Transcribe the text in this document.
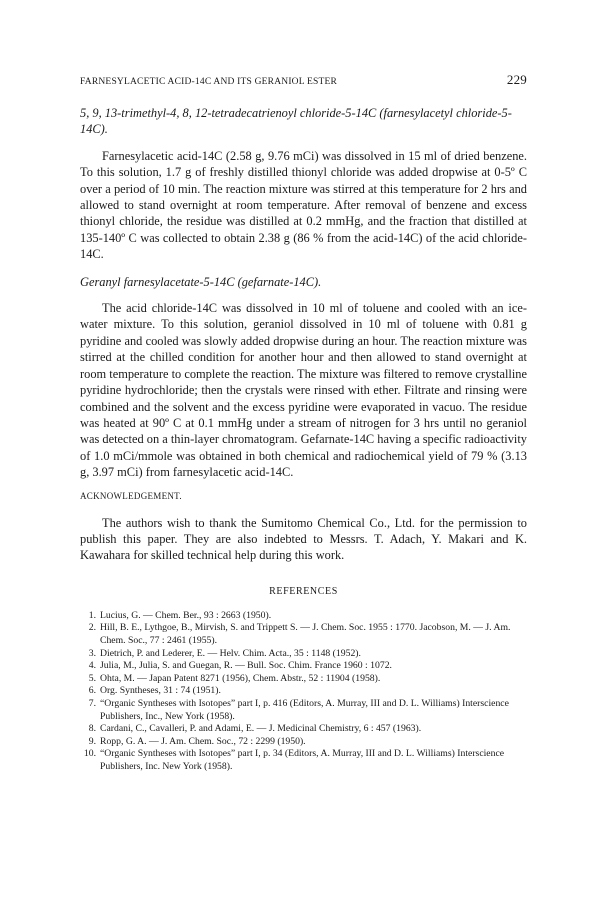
FARNESYLACETIC ACID-14C AND ITS GERANIOL ESTER	229

5, 9, 13-trimethyl-4, 8, 12-tetradecatrienoyl chloride-5-14C (farnesylacetyl chloride-5-14C).

Farnesylacetic acid-14C (2.58 g, 9.76 mCi) was dissolved in 15 ml of dried benzene. To this solution, 1.7 g of freshly distilled thionyl chloride was added dropwise at 0-5º C over a period of 10 min. The reaction mixture was stirred at this temperature for 2 hrs and allowed to stand overnight at room temperature. After removal of benzene and excess thionyl chloride, the residue was distilled at 0.2 mmHg, and the fraction that distilled at 135-140º C was collected to obtain 2.38 g (86 % from the acid-14C) of the acid chloride-14C.

Geranyl farnesylacetate-5-14C (gefarnate-14C).

The acid chloride-14C was dissolved in 10 ml of toluene and cooled with an ice-water mixture. To this solution, geraniol dissolved in 10 ml of toluene with 0.81 g pyridine and cooled was slowly added dropwise during an hour. The reaction mixture was stirred at the chilled condition for another hour and then allowed to stand overnight at room temperature to complete the reaction. The mixture was filtered to remove crystalline pyridine hydrochloride; then the crystals were rinsed with ether. Filtrate and rinsing were combined and the solvent and the excess pyridine were evaporated in vacuo. The residue was heated at 90º C at 0.1 mmHg under a stream of nitrogen for 3 hrs until no geraniol was detected on a thin-layer chromatogram. Gefarnate-14C having a specific radioactivity of 1.0 mCi/mmole was obtained in both chemical and radiochemical yield of 79 % (3.13 g, 3.97 mCi) from farnesylacetic acid-14C.

ACKNOWLEDGEMENT.

The authors wish to thank the Sumitomo Chemical Co., Ltd. for the permission to publish this paper. They are also indebted to Messrs. T. Adach, Y. Makari and K. Kawahara for skilled technical help during this work.

REFERENCES
1. Lucius, G. — Chem. Ber., 93 : 2663 (1950).
2. Hill, B. E., Lythgoe, B., Mirvish, S. and Trippett S. — J. Chem. Soc. 1955 : 1770. Jacobson, M. — J. Am. Chem. Soc., 77 : 2461 (1955).
3. Dietrich, P. and Lederer, E. — Helv. Chim. Acta., 35 : 1148 (1952).
4. Julia, M., Julia, S. and Guegan, R. — Bull. Soc. Chim. France 1960 : 1072.
5. Ohta, M. — Japan Patent 8271 (1956), Chem. Abstr., 52 : 11904 (1958).
6. Org. Syntheses, 31 : 74 (1951).
7. “Organic Syntheses with Isotopes” part I, p. 416 (Editors, A. Murray, III and D. L. Williams) Interscience Publishers, Inc., New York (1958).
8. Cardani, C., Cavalleri, P. and Adami, E. — J. Medicinal Chemistry, 6 : 457 (1963).
9. Ropp, G. A. — J. Am. Chem. Soc., 72 : 2299 (1950).
10. “Organic Syntheses with Isotopes” part I, p. 34 (Editors, A. Murray, III and D. L. Williams) Interscience Publishers, Inc. New York (1958).
